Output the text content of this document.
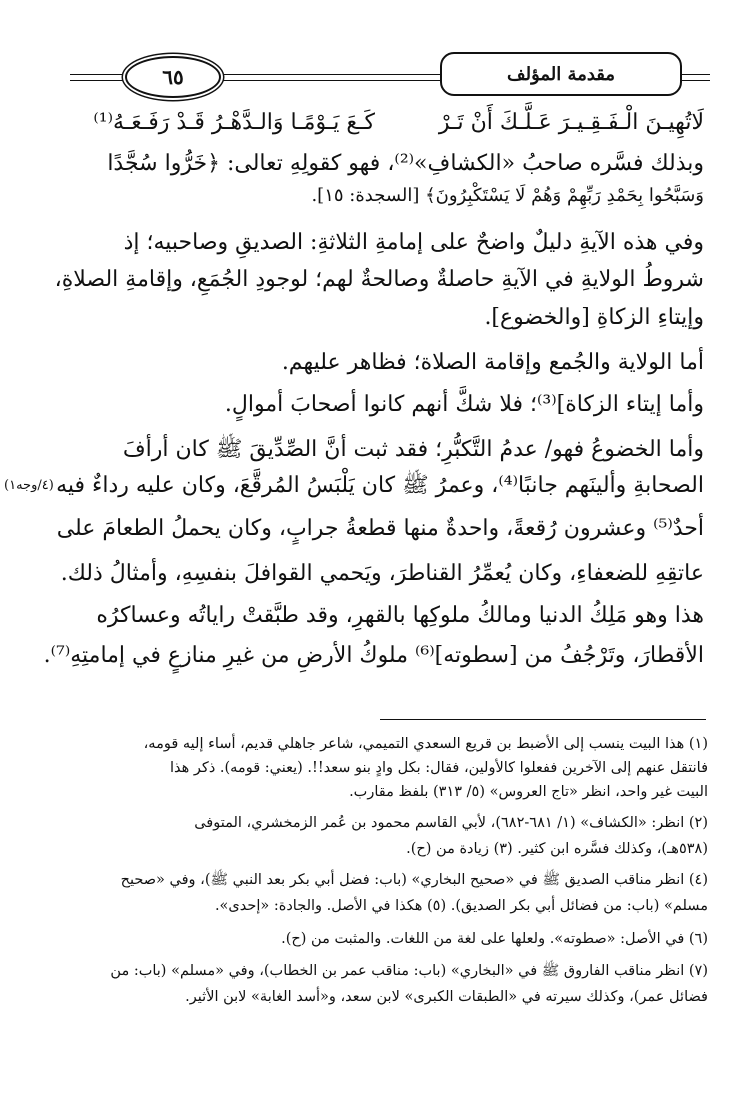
٦٥	مقدمة المؤلف
لَاتُهِيـنَ الْـفَـقِـيـرَ عَـلَّـكَ أَنْ تَـرْ
كَـعَ يَـوْمًـا وَالـدَّهْـرُ قَـدْ رَفَـعَـهُ⁽¹⁾
وبذلك فسَّره صاحبُ «الكشافِ»⁽²⁾، فهو كقولِهِ تعالى: ﴿خَرُّوا سُجَّدًا
وَسَبَّحُوا بِحَمْدِ رَبِّهِمْ وَهُمْ لَا يَسْتَكْبِرُونَ﴾ [السجدة: ١٥].
وفي هذه الآيةِ دليلٌ واضحٌ على إمامةِ الثلاثةِ: الصديقِ وصاحبيه؛ إذ
شروطُ الولايةِ في الآيةِ حاصلةٌ وصالحةٌ لهم؛ لوجودِ الجُمَعِ، وإقامةِ الصلاةِ،
وإيتاءِ الزكاةِ [والخضوع].
أما الولاية والجُمع وإقامة الصلاة؛ فظاهر عليهم.
وأما إيتاء الزكاة]⁽³⁾؛ فلا شكَّ أنهم كانوا أصحابَ أموالٍ.
وأما الخضوعُ فهو/ عدمُ التَّكبُّرِ؛ فقد ثبت أنَّ الصِّدِّيقَ ﷺ كان أرأفَ
الصحابةِ وألينَهم جانبًا⁽⁴⁾، وعمرُ ﷺ كان يَلْبَسُ المُرقَّعَ، وكان عليه رداءٌ فيه
أحدٌ⁽⁵⁾ وعشرون رُقعةً، واحدةٌ منها قطعةُ جرابٍ، وكان يحملُ الطعامَ على
عاتقِهِ للضعفاءِ، وكان يُعمِّرُ القناطرَ، ويَحمي القوافلَ بنفسِهِ، وأمثالُ ذلك.
هذا وهو مَلِكُ الدنيا ومالكُ ملوكِها بالقهرِ، وقد طبَّقتْ راياتُه وعساكرُه
الأقطارَ، وتَرْجُفُ من [سطوته]⁽⁶⁾ ملوكُ الأرضِ من غيرِ منازعٍ في إمامتِهِ⁽⁷⁾.
(٤/وجه١)
(١) هذا البيت ينسب إلى الأضبط بن قريع السعدي التميمي، شاعر جاهلي قديم، أساء إليه قومه،
فانتقل عنهم إلى الآخرين ففعلوا كالأولين، فقال: بكل وادٍ بنو سعد!!. (يعني: قومه). ذكر هذا
البيت غير واحد، انظر «تاج العروس» (٥/ ٣١٣) بلفظ مقارب.
(٢) انظر: «الكشاف» (١/ ٦٨١-٦٨٢)، لأبي القاسم محمود بن عُمر الزمخشري، المتوفى
(٥٣٨هـ)، وكذلك فسَّره ابن كثير. (٣) زيادة من (ح).
(٤) انظر مناقب الصديق ﷺ في «صحيح البخاري» (باب: فضل أبي بكر بعد النبي ﷺ)، وفي «صحيح
مسلم» (باب: من فضائل أبي بكر الصديق). (٥) هكذا في الأصل. والجادة: «إحدى».
(٦) في الأصل: «صطوته». ولعلها على لغة من اللغات. والمثبت من (ح).
(٧) انظر مناقب الفاروق ﷺ في «البخاري» (باب: مناقب عمر بن الخطاب)، وفي «مسلم» (باب: من
فضائل عمر)، وكذلك سيرته في «الطبقات الكبرى» لابن سعد، و«أسد الغابة» لابن الأثير.
